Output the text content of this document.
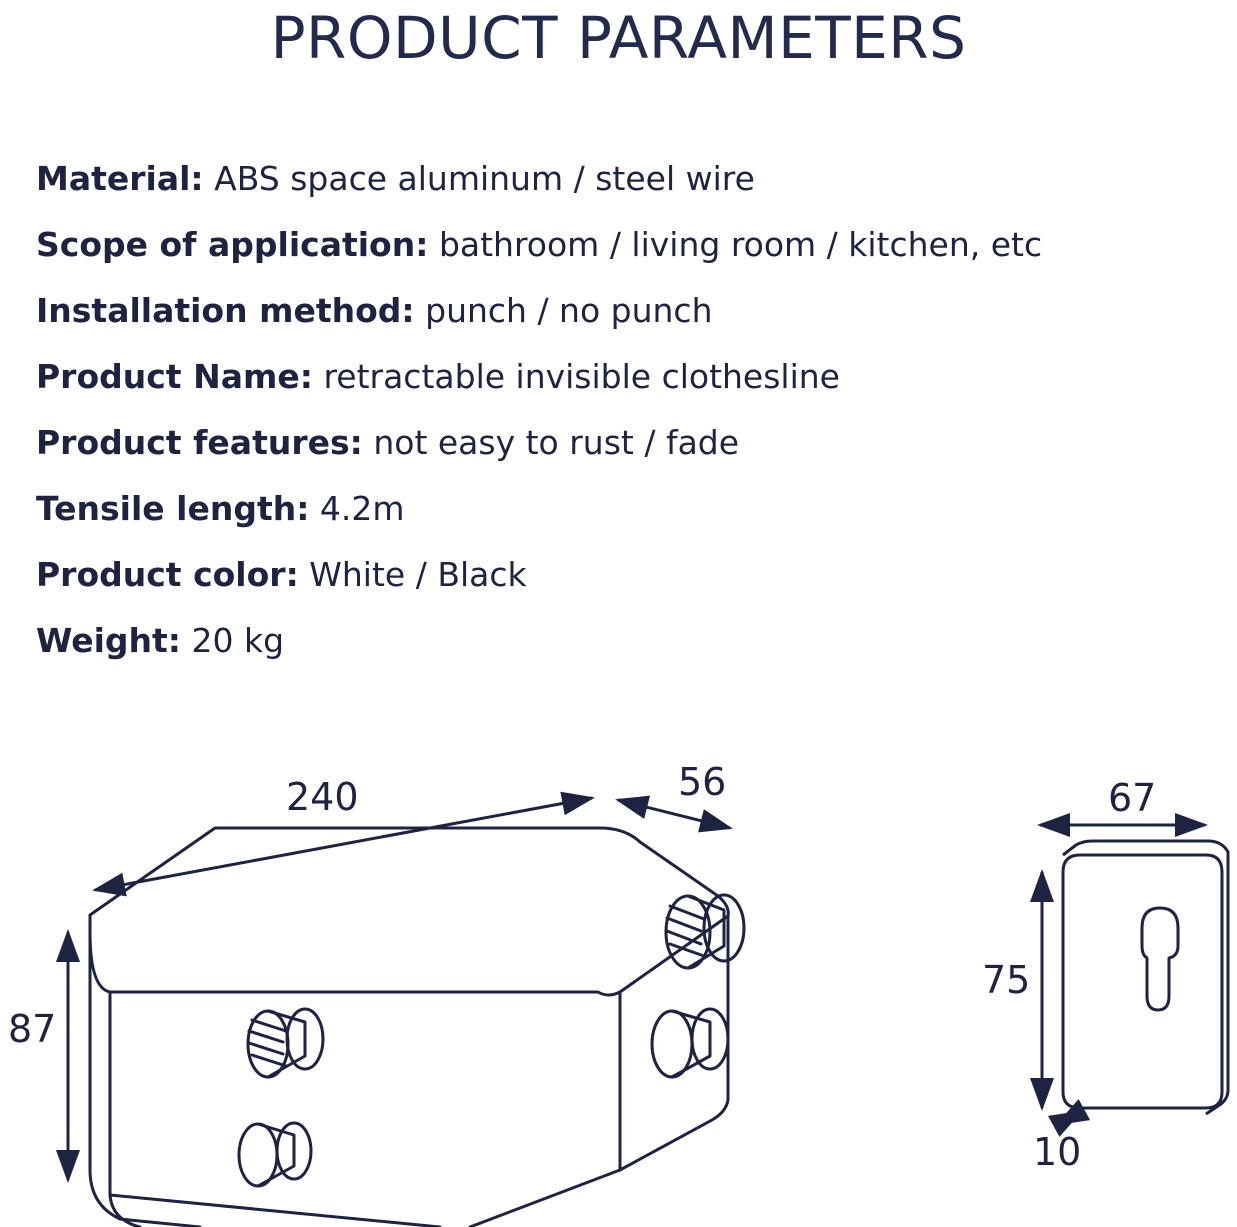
PRODUCT PARAMETERS
Material: ABS space aluminum / steel wire
Scope of application: bathroom / living room / kitchen, etc
Installation method: punch / no punch
Product Name: retractable invisible clothesline
Product features: not easy to rust / fade
Tensile length: 4.2m
Product color: White / Black
Weight: 20 kg
240	56
87
67
75
10
